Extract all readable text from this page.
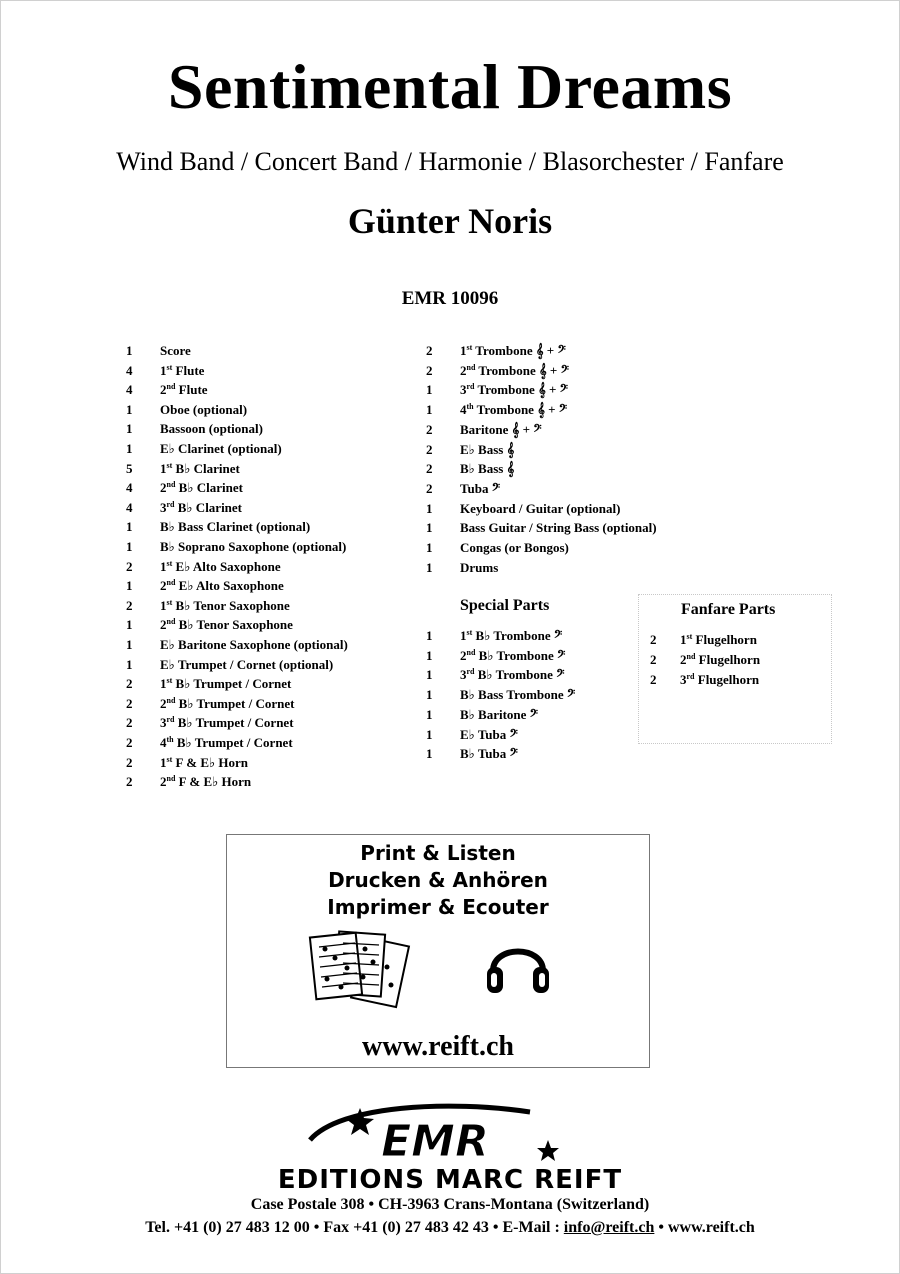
Sentimental Dreams
Wind Band / Concert Band / Harmonie / Blasorchester / Fanfare
Günter Noris
EMR 10096
1	Score
4	1st Flute
4	2nd Flute
1	Oboe (optional)
1	Bassoon (optional)
1	E♭ Clarinet (optional)
5	1st B♭ Clarinet
4	2nd B♭ Clarinet
4	3rd B♭ Clarinet
1	B♭ Bass Clarinet (optional)
1	B♭ Soprano Saxophone (optional)
2	1st E♭ Alto Saxophone
1	2nd E♭ Alto Saxophone
2	1st B♭ Tenor Saxophone
1	2nd B♭ Tenor Saxophone
1	E♭ Baritone Saxophone (optional)
1	E♭ Trumpet / Cornet (optional)
2	1st B♭ Trumpet / Cornet
2	2nd B♭ Trumpet / Cornet
2	3rd B♭ Trumpet / Cornet
2	4th B♭ Trumpet / Cornet
2	1st F & E♭ Horn
2	2nd F & E♭ Horn
2	1st Trombone 𝄞 + 𝄢
2	2nd Trombone 𝄞 + 𝄢
1	3rd Trombone 𝄞 + 𝄢
1	4th Trombone 𝄞 + 𝄢
2	Baritone 𝄞 + 𝄢
2	E♭ Bass 𝄞
2	B♭ Bass 𝄞
2	Tuba 𝄢
1	Keyboard / Guitar (optional)
1	Bass Guitar / String Bass (optional)
1	Congas (or Bongos)
1	Drums
Special Parts
1	1st B♭ Trombone 𝄢
1	2nd B♭ Trombone 𝄢
1	3rd B♭ Trombone 𝄢
1	B♭ Bass Trombone 𝄢
1	B♭ Baritone 𝄢
1	E♭ Tuba 𝄢
1	B♭ Tuba 𝄢
Fanfare Parts
2	1st Flugelhorn
2	2nd Flugelhorn
2	3rd Flugelhorn
Print & Listen
Drucken & Anhören
Imprimer & Ecouter
www.reift.ch
EMR
EDITIONS MARC REIFT
Case Postale 308 • CH-3963 Crans-Montana (Switzerland)
Tel. +41 (0) 27 483 12 00 • Fax +41 (0) 27 483 42 43 • E-Mail : info@reift.ch • www.reift.ch
